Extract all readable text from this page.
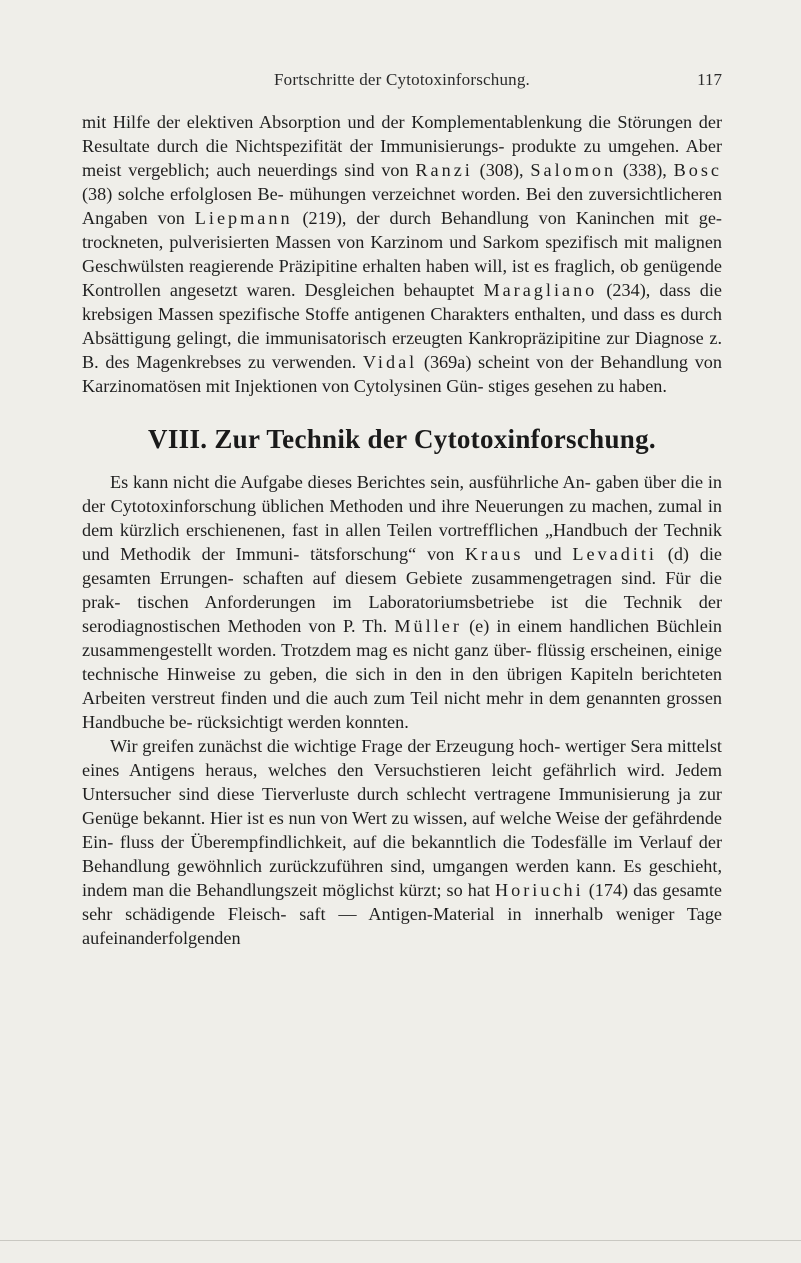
Fortschritte der Cytotoxinforschung.	117

mit Hilfe der elektiven Absorption und der Komplementablenkung die Störungen der Resultate durch die Nichtspezifität der Immunisierungs- produkte zu umgehen. Aber meist vergeblich; auch neuerdings sind von Ranzi (308), Salomon (338), Bosc (38) solche erfolglosen Be- mühungen verzeichnet worden. Bei den zuversichtlicheren Angaben von Liepmann (219), der durch Behandlung von Kaninchen mit ge- trockneten, pulverisierten Massen von Karzinom und Sarkom spezifisch mit malignen Geschwülsten reagierende Präzipitine erhalten haben will, ist es fraglich, ob genügende Kontrollen angesetzt waren. Desgleichen behauptet Maragliano (234), dass die krebsigen Massen spezifische Stoffe antigenen Charakters enthalten, und dass es durch Absättigung gelingt, die immunisatorisch erzeugten Kankropräzipitine zur Diagnose z. B. des Magenkrebses zu verwenden. Vidal (369a) scheint von der Behandlung von Karzinomatösen mit Injektionen von Cytolysinen Gün- stiges gesehen zu haben.

VIII. Zur Technik der Cytotoxinforschung.

Es kann nicht die Aufgabe dieses Berichtes sein, ausführliche An- gaben über die in der Cytotoxinforschung üblichen Methoden und ihre Neuerungen zu machen, zumal in dem kürzlich erschienenen, fast in allen Teilen vortrefflichen „Handbuch der Technik und Methodik der Immuni- tätsforschung“ von Kraus und Levaditi (d) die gesamten Errungen- schaften auf diesem Gebiete zusammengetragen sind. Für die prak- tischen Anforderungen im Laboratoriumsbetriebe ist die Technik der serodiagnostischen Methoden von P. Th. Müller (e) in einem handlichen Büchlein zusammengestellt worden. Trotzdem mag es nicht ganz über- flüssig erscheinen, einige technische Hinweise zu geben, die sich in den in den übrigen Kapiteln berichteten Arbeiten verstreut finden und die auch zum Teil nicht mehr in dem genannten grossen Handbuche be- rücksichtigt werden konnten.

Wir greifen zunächst die wichtige Frage der Erzeugung hoch- wertiger Sera mittelst eines Antigens heraus, welches den Versuchstieren leicht gefährlich wird. Jedem Untersucher sind diese Tierverluste durch schlecht vertragene Immunisierung ja zur Genüge bekannt. Hier ist es nun von Wert zu wissen, auf welche Weise der gefährdende Ein- fluss der Überempfindlichkeit, auf die bekanntlich die Todesfälle im Verlauf der Behandlung gewöhnlich zurückzuführen sind, umgangen werden kann. Es geschieht, indem man die Behandlungszeit möglichst kürzt; so hat Horiuchi (174) das gesamte sehr schädigende Fleisch- saft — Antigen-Material in innerhalb weniger Tage aufeinanderfolgenden
